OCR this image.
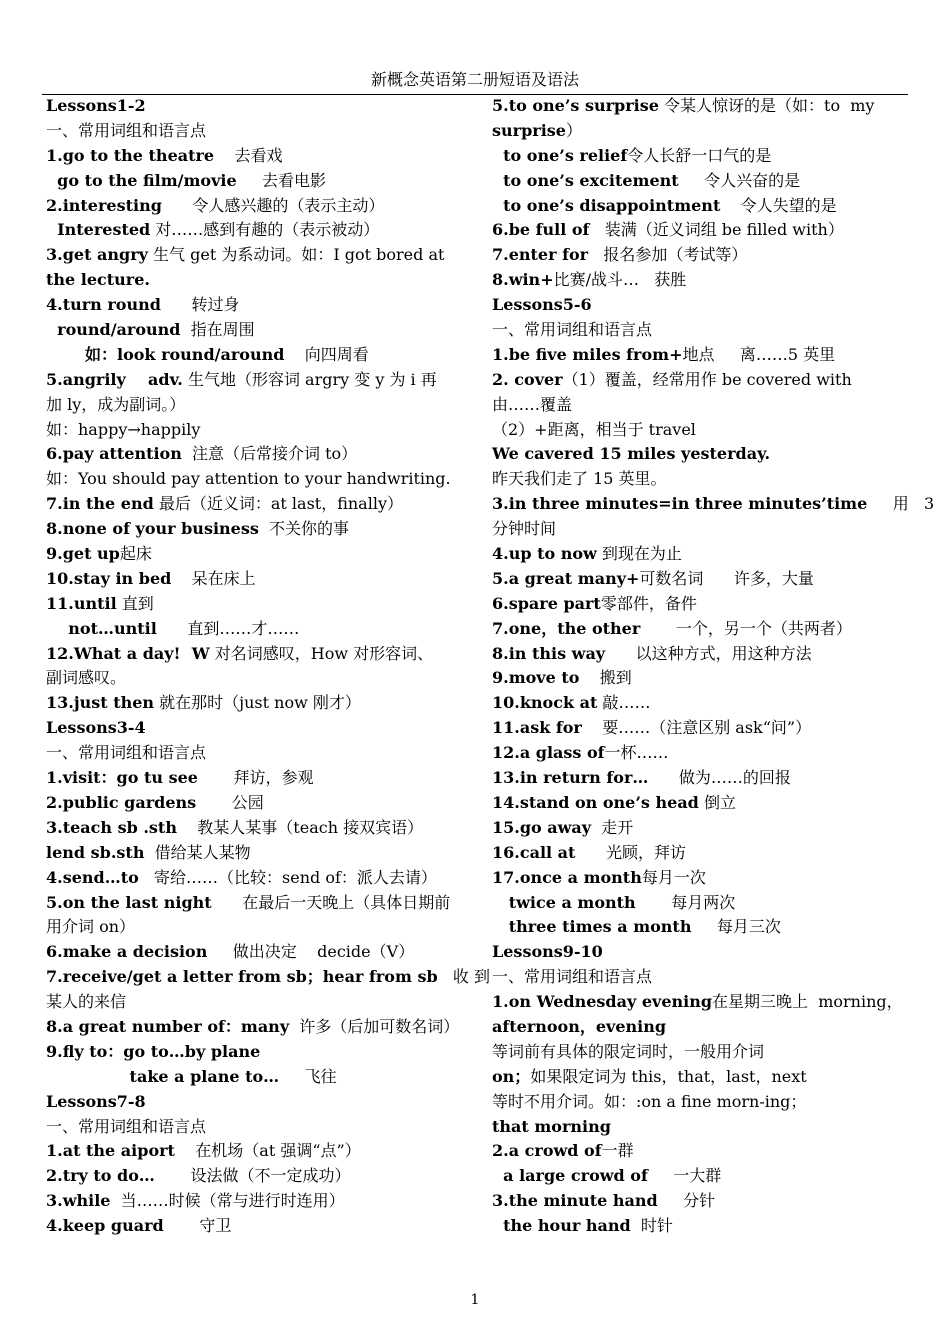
新概念英语第二册短语及语法
Lessons1-2
一、常用词组和语言点
1.go to the theatre    去看戏
go to the film/movie     去看电影
2.interesting      令人感兴趣的（表示主动）
Interested 对……感到有趣的（表示被动）
3.get angry 生气 get 为系动词。如：I got bored at
the lecture.
4.turn round      转过身
round/around  指在周围
如：look round/around    向四周看
5.angrily    adv. 生气地（形容词 argry 变 y 为 i 再
加 ly，成为副词。）
如：happy→happily
6.pay attention  注意（后常接介词 to）
如：You should pay attention to your handwriting.
7.in the end 最后（近义词：at last，finally）
8.none of your business  不关你的事
9.get up起床
10.stay in bed    呆在床上
11.until 直到
not…until      直到……才……
12.What a day!  W 对名词感叹，How 对形容词、
副词感叹。
13.just then 就在那时（just now 刚才）
Lessons3-4
一、常用词组和语言点
1.visit：go tu see       拜访，参观
2.public gardens       公园
3.teach sb .sth    教某人某事（teach 接双宾语）
lend sb.sth  借给某人某物
4.send…to   寄给……（比较：send of：派人去请）
5.on the last night      在最后一天晚上（具体日期前
用介词 on）
6.make a decision     做出决定    decide（V）
7.receive/get a letter from sb；hear from sb   收 到
某人的来信
8.a great number of：many  许多（后加可数名词）
9.fly to：go to…by plane
take a plane to…     飞往
Lessons7-8
一、常用词组和语言点
1.at the aiport    在机场（at 强调“点”）
2.try to do…       设法做（不一定成功）
3.while  当……时候（常与进行时连用）
4.keep guard       守卫
5.to one’s surprise 令某人惊讶的是（如：to  my
surprise）
to one’s relief令人长舒一口气的是
to one’s excitement     令人兴奋的是
to one’s disappointment    令人失望的是
6.be full of   装满（近义词组 be filled with）
7.enter for   报名参加（考试等）
8.win+比赛/战斗…   获胜
Lessons5-6
一、常用词组和语言点
1.be five miles from+地点     离……5 英里
2. cover（1）覆盖，经常用作 be covered with
由……覆盖
（2）+距离，相当于 travel
We cavered 15 miles yesterday.
昨天我们走了 15 英里。
3.in three minutes=in three minutes’time     用   3
分钟时间
4.up to now 到现在为止
5.a great many+可数名词      许多，大量
6.spare part零部件，备件
7.one，the other       一个，另一个（共两者）
8.in this way      以这种方式，用这种方法
9.move to    搬到
10.knock at 敲……
11.ask for    要……（注意区别 ask“问”）
12.a glass of一杯……
13.in return for…      做为……的回报
14.stand on one’s head 倒立
15.go away  走开
16.call at      光顾，拜访
17.once a month每月一次
twice a month       每月两次
three times a month     每月三次
Lessons9-10
一、常用词组和语言点
1.on Wednesday evening在星期三晚上  morning，
afternoon，evening
等词前有具体的限定词时，一般用介词
on；如果限定词为 this，that，last，next
等时不用介词。如：:on a fine morn-ing；
that morning
2.a crowd of一群
a large crowd of     一大群
3.the minute hand     分针
the hour hand  时针
1
